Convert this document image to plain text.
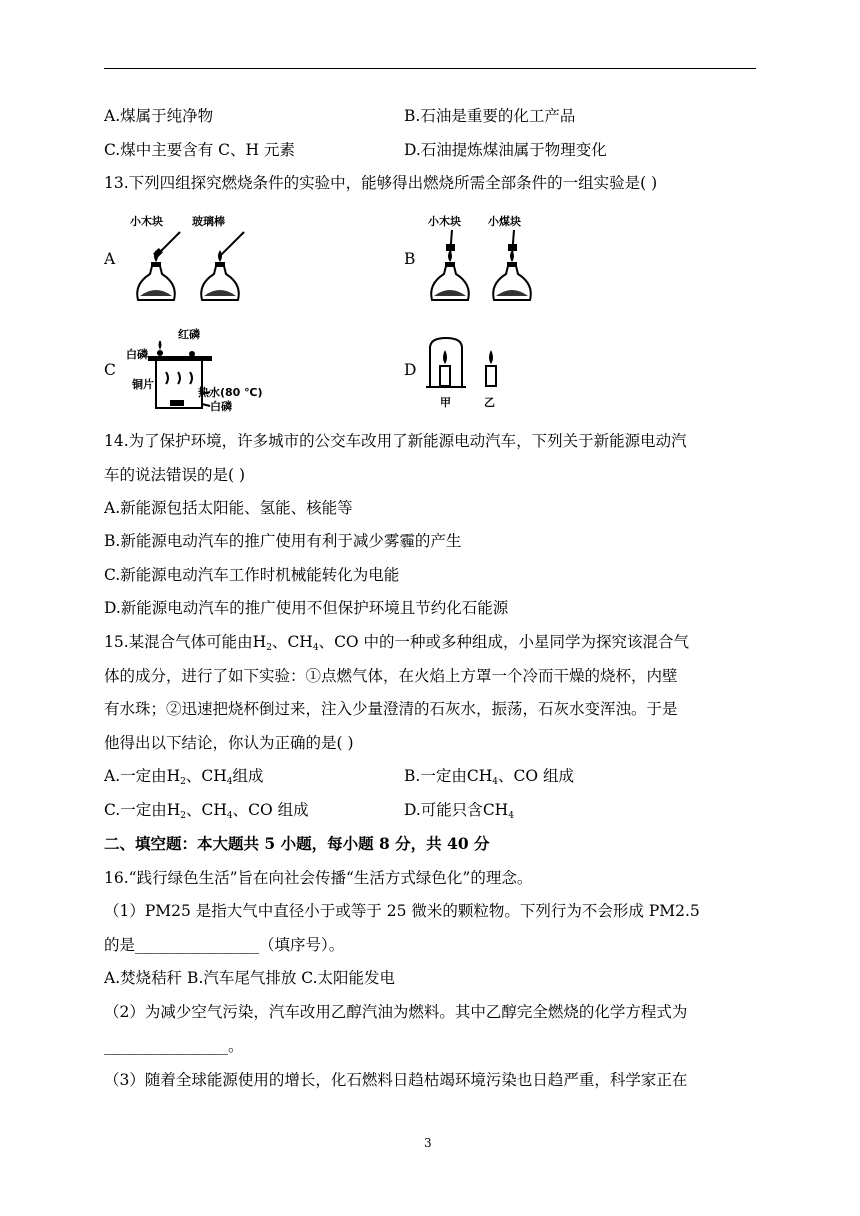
A.煤属于纯净物	B.石油是重要的化工产品
C.煤中主要含有 C、H 元素	D.石油提炼煤油属于物理变化
13.下列四组探究燃烧条件的实验中，能够得出燃烧所需全部条件的一组实验是( )
A	B
C	D
小木块	玻璃棒	小木块 小煤块
红磷
白磷
铜片
热水(80 ℃)
白磷	甲	乙
14.为了保护环境，许多城市的公交车改用了新能源电动汽车，下列关于新能源电动汽
车的说法错误的是( )
A.新能源包括太阳能、氢能、核能等
B.新能源电动汽车的推广使用有利于减少雾霾的产生
C.新能源电动汽车工作时机械能转化为电能
D.新能源电动汽车的推广使用不但保护环境且节约化石能源
15.某混合气体可能由$H_2$、$CH_4$、CO 中的一种或多种组成，小星同学为探究该混合气
体的成分，进行了如下实验：①点燃气体，在火焰上方罩一个冷而干燥的烧杯，内壁
有水珠；②迅速把烧杯倒过来，注入少量澄清的石灰水，振荡，石灰水变浑浊。于是
他得出以下结论，你认为正确的是( )
A.一定由$H_2$、$CH_4$组成	B.一定由$CH_4$、CO 组成
C.一定由$H_2$、$CH_4$、CO 组成	D.可能只含$CH_4$
二、填空题：本大题共 5 小题，每小题 8 分，共 40 分
16.“践行绿色生活”旨在向社会传播“生活方式绿色化”的理念。
（1）PM25 是指大气中直径小于或等于 25 微米的颗粒物。下列行为不会形成 PM2.5
的是________________（填序号）。
A.焚烧秸秆 B.汽车尾气排放 C.太阳能发电
（2）为减少空气污染，汽车改用乙醇汽油为燃料。其中乙醇完全燃烧的化学方程式为
________________。
（3）随着全球能源使用的增长，化石燃料日趋枯竭环境污染也日趋严重，科学家正在
3
